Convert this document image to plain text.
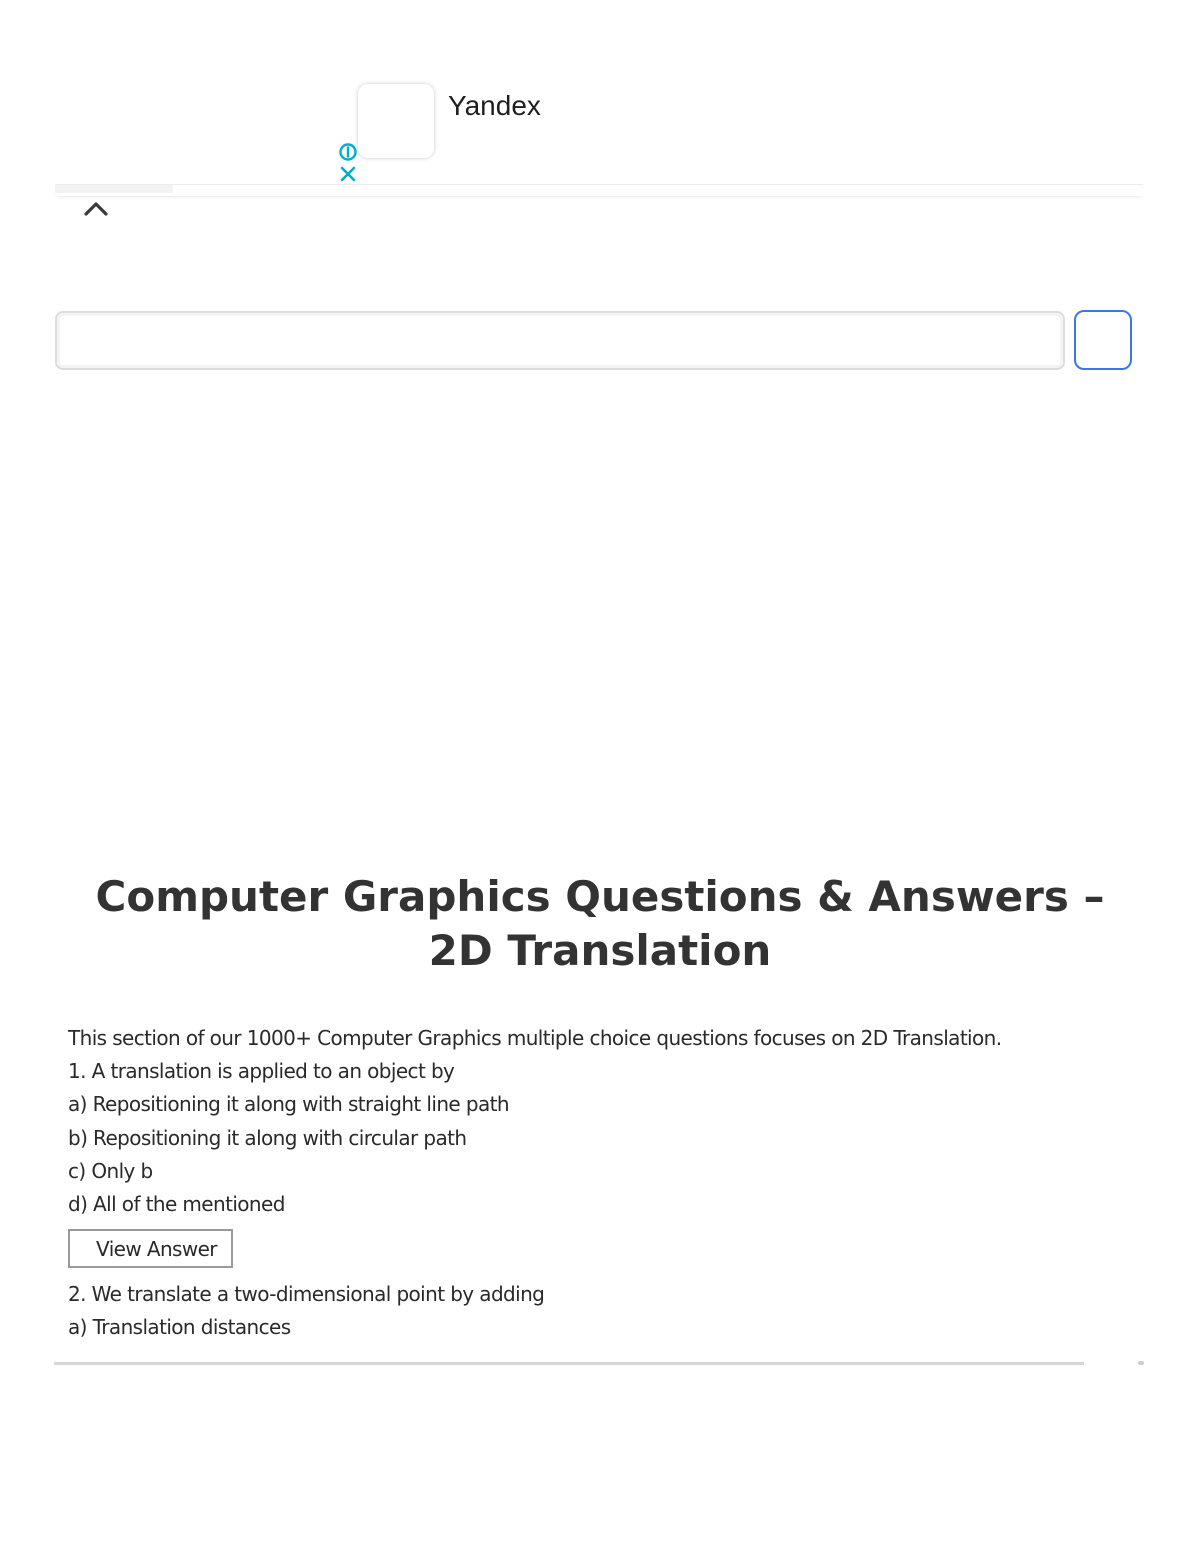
Yandex
Computer Graphics Questions & Answers – 2D Translation

This section of our 1000+ Computer Graphics multiple choice questions focuses on 2D Translation.

1. A translation is applied to an object by

a) Repositioning it along with straight line path

b) Repositioning it along with circular path

c) Only b

d) All of the mentioned

View Answer

2. We translate a two-dimensional point by adding

a) Translation distances
